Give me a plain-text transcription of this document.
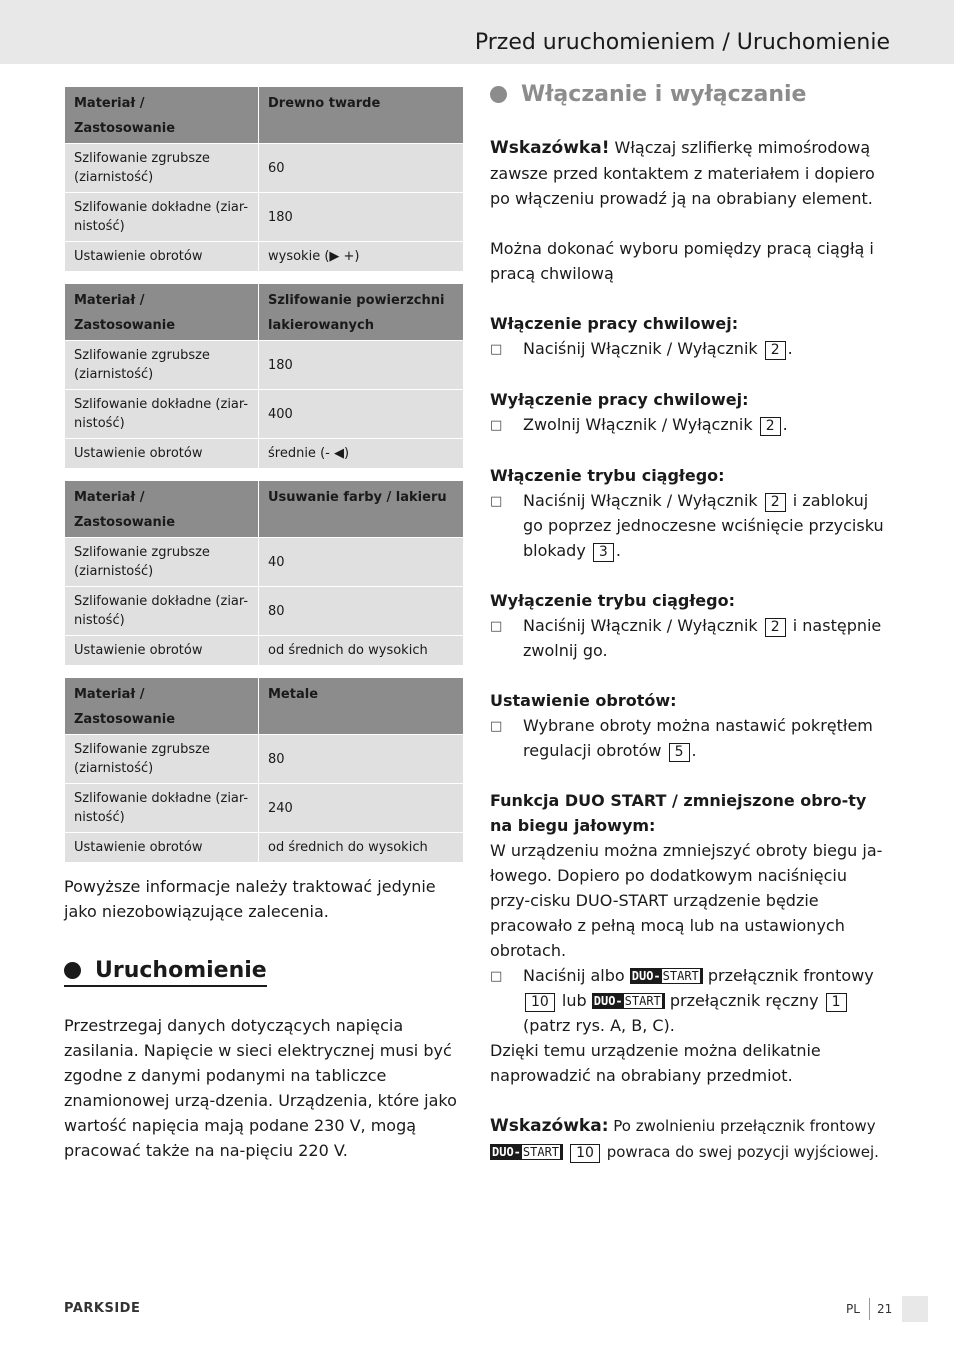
Przed uruchomieniem / Uruchomienie
Materiał /
Zastosowanie	Drewno twarde
Szlifowanie zgrubsze (ziarnistość)	60
Szlifowanie dokładne (ziar-nistość)	180
Ustawienie obrotów	wysokie (▶ +)
Materiał /
Zastosowanie	Szlifowanie powierzchni lakierowanych
Szlifowanie zgrubsze (ziarnistość)	180
Szlifowanie dokładne (ziar-nistość)	400
Ustawienie obrotów	średnie (- ◀)
Materiał /
Zastosowanie	Usuwanie farby / lakieru
Szlifowanie zgrubsze (ziarnistość)	40
Szlifowanie dokładne (ziar-nistość)	80
Ustawienie obrotów	od średnich do wysokich
Materiał /
Zastosowanie	Metale
Szlifowanie zgrubsze (ziarnistość)	80
Szlifowanie dokładne (ziar-nistość)	240
Ustawienie obrotów	od średnich do wysokich

Powyższe informacje należy traktować jedynie jako niezobowiązujące zalecenia.

Uruchomienie

Przestrzegaj danych dotyczących napięcia zasilania. Napięcie w sieci elektrycznej musi być zgodne z danymi podanymi na tabliczce znamionowej urzą-dzenia. Urządzenia, które jako wartość napięcia mają podane 230 V, mogą pracować także na na-pięciu 220 V.

Włączanie i wyłączanie

Wskazówka! Włączaj szlifierkę mimośrodową zawsze przed kontaktem z materiałem i dopiero po włączeniu prowadź ją na obrabiany element.

Można dokonać wyboru pomiędzy pracą ciągłą i pracą chwilową

Włączenie pracy chwilowej:

□	Naciśnij Włącznik / Wyłącznik 2 .

Wyłączenie pracy chwilowej:

□	Zwolnij Włącznik / Wyłącznik 2 .

Włączenie trybu ciągłego:

□	Naciśnij Włącznik / Wyłącznik 2 i zablokuj go poprzez jednoczesne wciśnięcie przycisku blokady 3 .

Wyłączenie trybu ciągłego:

□	Naciśnij Włącznik / Wyłącznik 2 i następnie zwolnij go.

Ustawienie obrotów:

□	Wybrane obroty można nastawić pokrętłem regulacji obrotów 5 .

Funkcja DUO START / zmniejszone obro-ty na biegu jałowym:

W urządzeniu można zmniejszyć obroty biegu ja-łowego. Dopiero po dodatkowym naciśnięciu przy-cisku DUO-START urządzenie będzie pracowało z pełną mocą lub na ustawionych obrotach.

□	Naciśnij albo DUO- START przełącznik frontowy 10 lub DUO- START przełącznik ręczny 1 (patrz rys. A, B, C).

Dzięki temu urządzenie można delikatnie naprowadzić na obrabiany przedmiot.

Wskazówka: Po zwolnieniu przełącznik frontowy DUO- START 10 powraca do swej pozycji wyjściowej.

PARKSIDE	PL 21
